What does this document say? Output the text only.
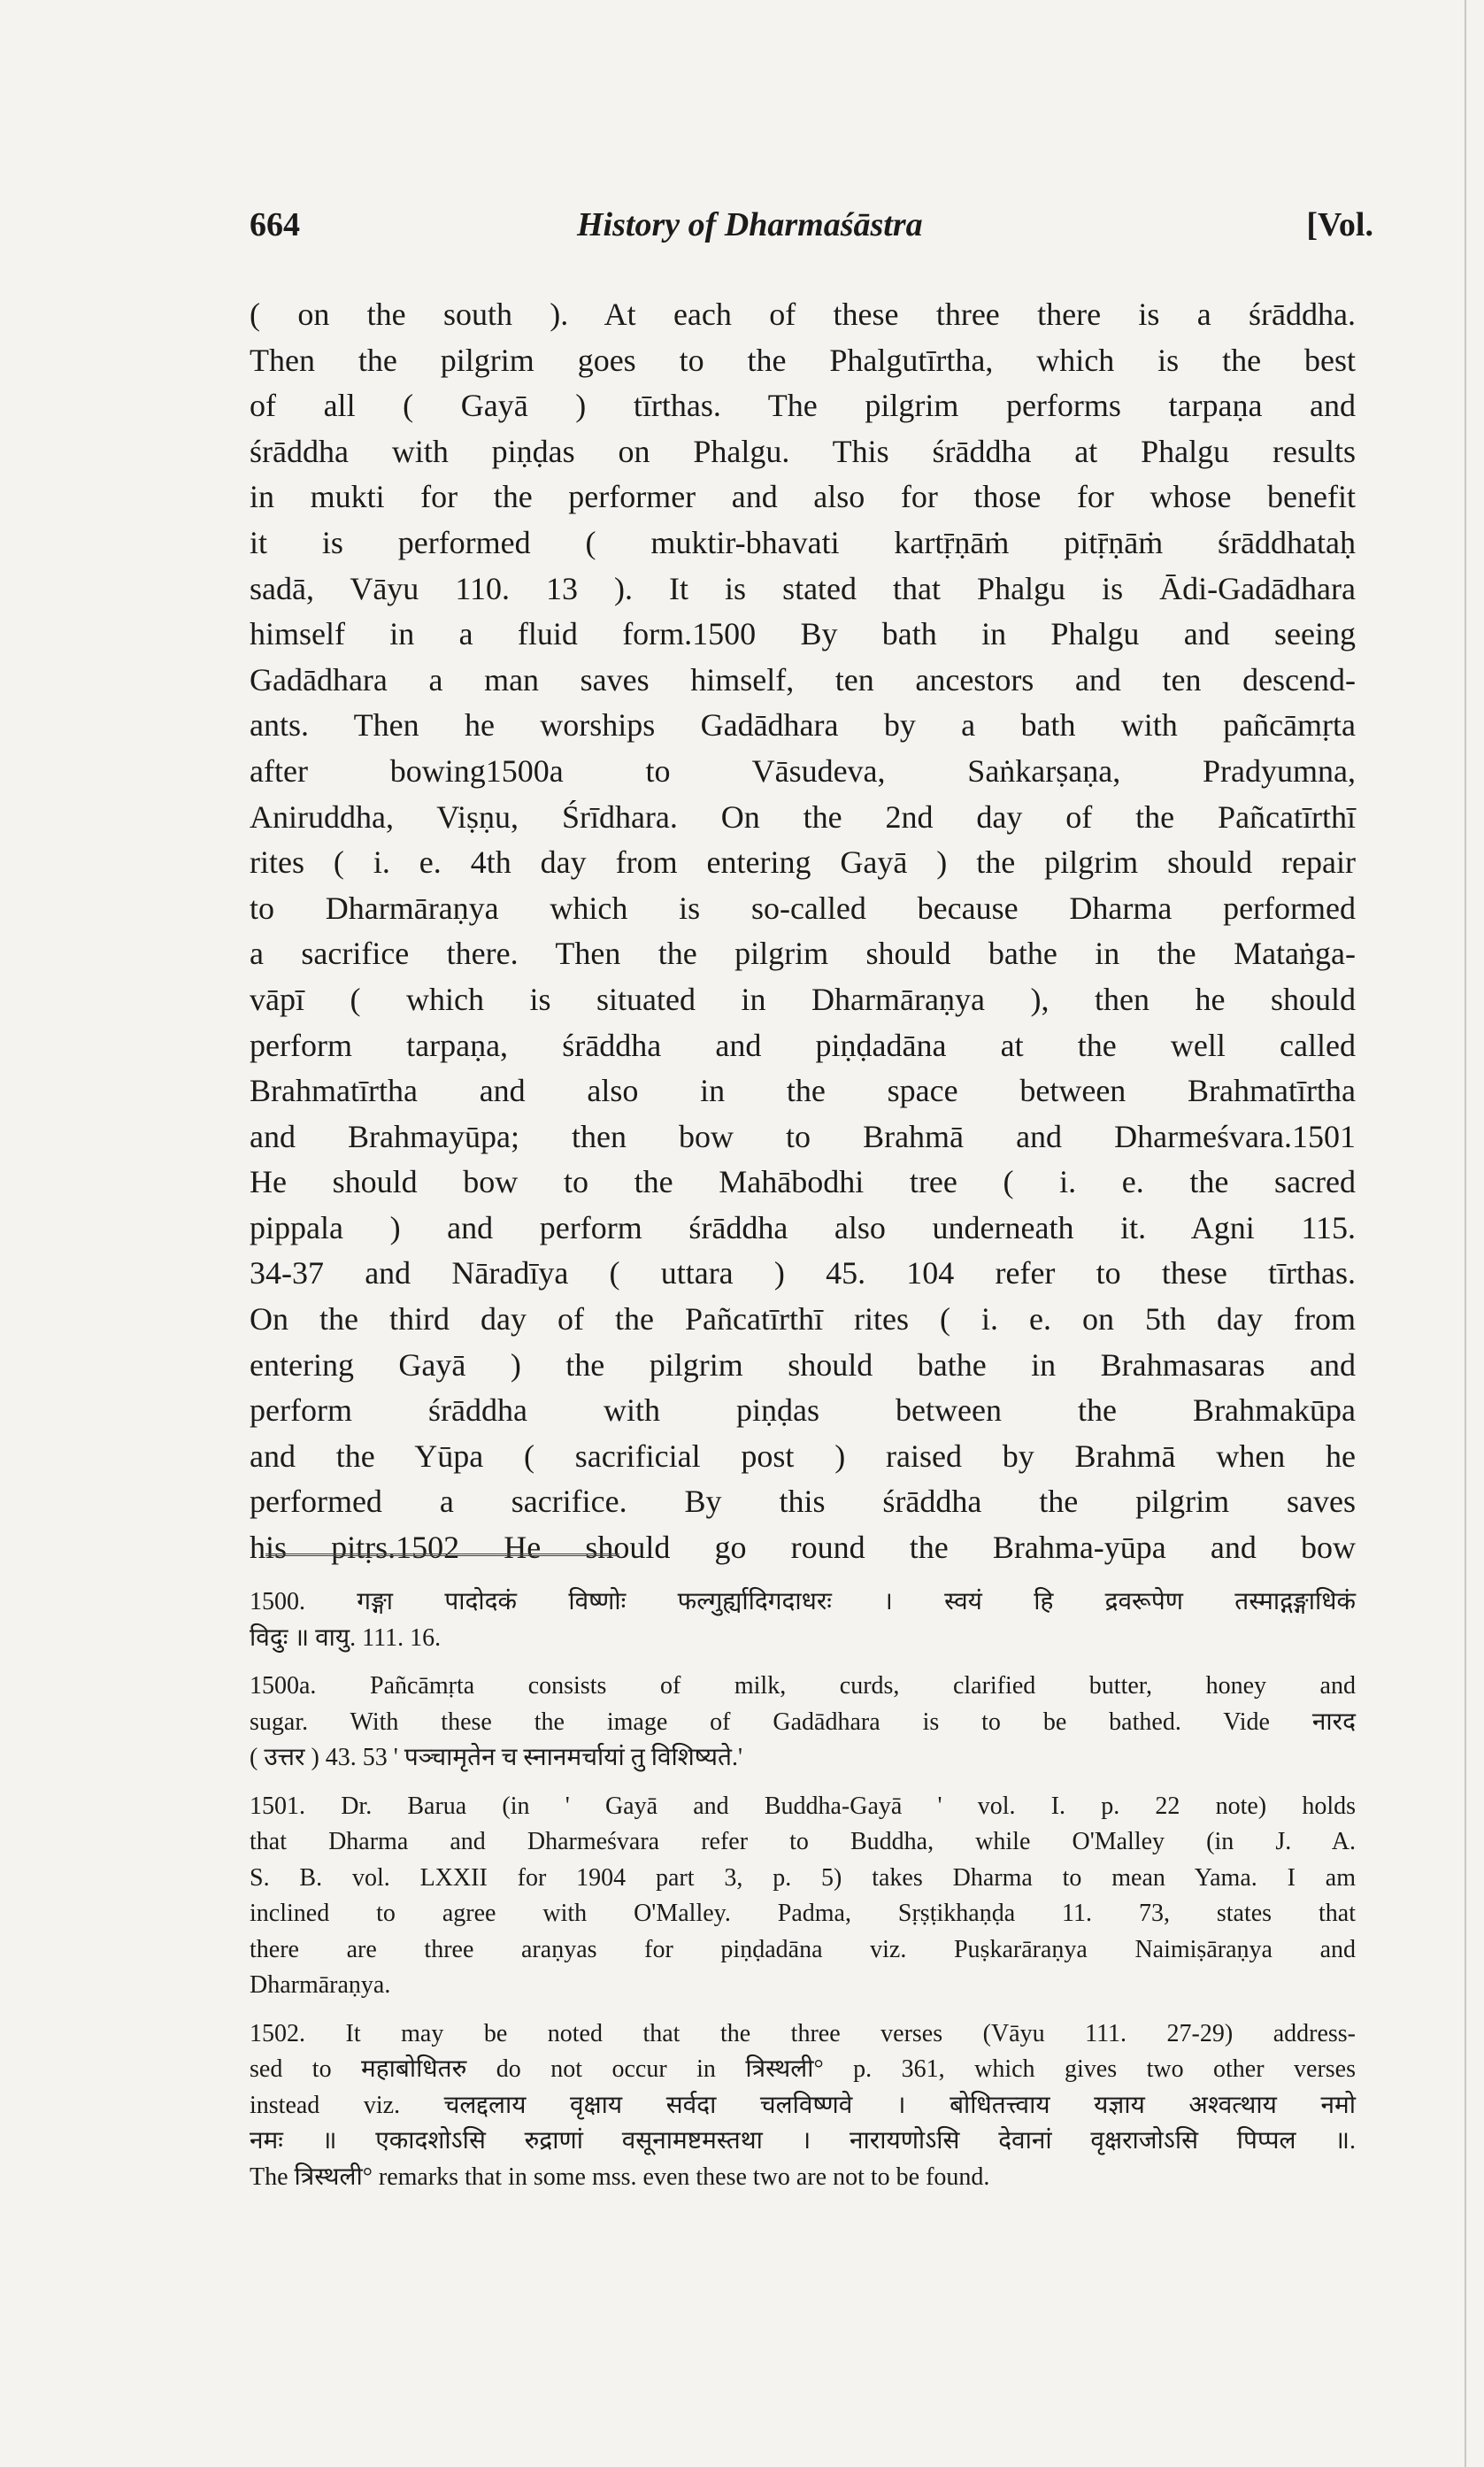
664	History of Dharmaśāstra	[Vol.
( on the south ). At each of these three there is a śrāddha.
Then the pilgrim goes to the Phalgutīrtha, which is the best
of all ( Gayā ) tīrthas. The pilgrim performs tarpaṇa and
śrāddha with piṇḍas on Phalgu. This śrāddha at Phalgu results
in mukti for the performer and also for those for whose benefit
it is performed ( muktir-bhavati kartṝṇāṁ pitṝṇāṁ śrāddhataḥ
sadā, Vāyu 110. 13 ). It is stated that Phalgu is Ādi-Gadādhara
himself in a fluid form.1500 By bath in Phalgu and seeing
Gadādhara a man saves himself, ten ancestors and ten descend-
ants. Then he worships Gadādhara by a bath with pañcāmṛta
after bowing1500a to Vāsudeva, Saṅkarṣaṇa, Pradyumna,
Aniruddha, Viṣṇu, Śrīdhara. On the 2nd day of the Pañcatīrthī
rites ( i. e. 4th day from entering Gayā ) the pilgrim should repair
to Dharmāraṇya which is so-called because Dharma performed
a sacrifice there. Then the pilgrim should bathe in the Mataṅga-
vāpī ( which is situated in Dharmāraṇya ), then he should
perform tarpaṇa, śrāddha and piṇḍadāna at the well called
Brahmatīrtha and also in the space between Brahmatīrtha
and Brahmayūpa; then bow to Brahmā and Dharmeśvara.1501
He should bow to the Mahābodhi tree ( i. e. the sacred
pippala ) and perform śrāddha also underneath it. Agni 115.
34-37 and Nāradīya ( uttara ) 45. 104 refer to these tīrthas.
On the third day of the Pañcatīrthī rites ( i. e. on 5th day from
entering Gayā ) the pilgrim should bathe in Brahmasaras and
perform śrāddha with piṇḍas between the Brahmakūpa
and the Yūpa ( sacrificial post ) raised by Brahmā when he
performed a sacrifice. By this śrāddha the pilgrim saves
his pitṛs.1502 He should go round the Brahma-yūpa and bow
1500. गङ्गा पादोदकं विष्णोः फल्गुर्ह्यादिगदाधरः । स्वयं हि द्रवरूपेण तस्माद्गङ्गाधिकं
विदुः ॥ वायु. 111. 16.
1500a. Pañcāmṛta consists of milk, curds, clarified butter, honey and
sugar. With these the image of Gadādhara is to be bathed. Vide नारद
( उत्तर ) 43. 53 ' पञ्चामृतेन च स्नानमर्चायां तु विशिष्यते.'
1501. Dr. Barua (in ' Gayā and Buddha-Gayā ' vol. I. p. 22 note) holds
that Dharma and Dharmeśvara refer to Buddha, while O'Malley (in J. A.
S. B. vol. LXXII for 1904 part 3, p. 5) takes Dharma to mean Yama. I am
inclined to agree with O'Malley. Padma, Sṛṣṭikhaṇḍa 11. 73, states that
there are three araṇyas for piṇḍadāna viz. Puṣkarāraṇya Naimiṣāraṇya and
Dharmāraṇya.
1502. It may be noted that the three verses (Vāyu 111. 27-29) address-
sed to महाबोधितरु do not occur in त्रिस्थली° p. 361, which gives two other verses
instead viz. चलद्दलाय वृक्षाय सर्वदा चलविष्णवे । बोधितत्त्वाय यज्ञाय अश्वत्थाय नमो
नमः ॥ एकादशोऽसि रुद्राणां वसूनामष्टमस्तथा । नारायणोऽसि देवानां वृक्षराजोऽसि पिप्पल ॥.
The त्रिस्थली° remarks that in some mss. even these two are not to be found.
